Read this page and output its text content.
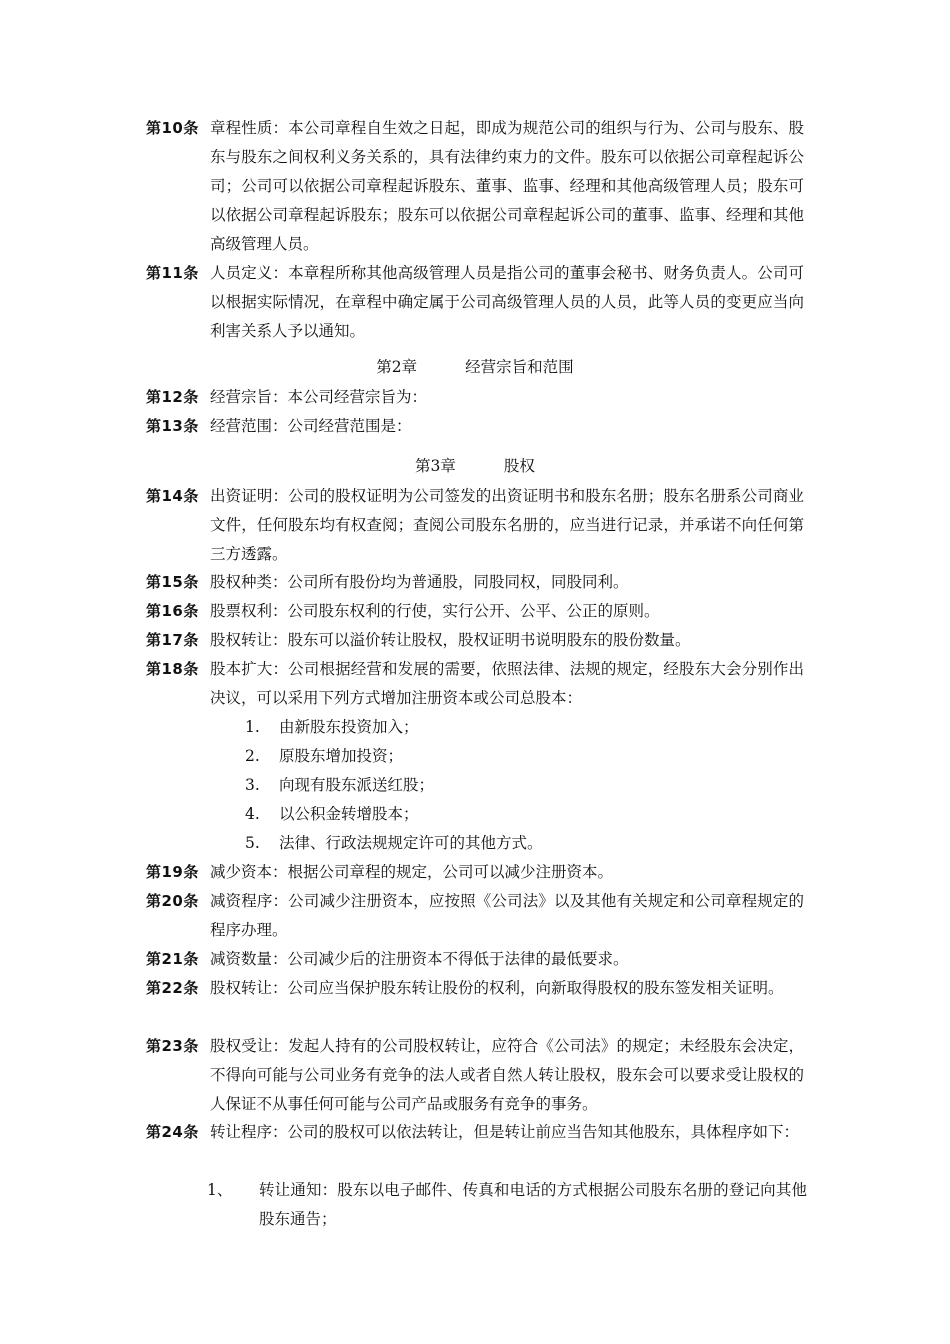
第10条 章程性质：本公司章程自生效之日起，即成为规范公司的组织与行为、公司与股东、股东与股东之间权利义务关系的，具有法律约束力的文件。股东可以依据公司章程起诉公司；公司可以依据公司章程起诉股东、董事、监事、经理和其他高级管理人员；股东可以依据公司章程起诉股东；股东可以依据公司章程起诉公司的董事、监事、经理和其他高级管理人员。
第11条 人员定义：本章程所称其他高级管理人员是指公司的董事会秘书、财务负责人。公司可以根据实际情况，在章程中确定属于公司高级管理人员的人员，此等人员的变更应当向利害关系人予以通知。
第2章	经营宗旨和范围
第12条 经营宗旨：本公司经营宗旨为：
第13条 经营范围：公司经营范围是：
第3章	股权
第14条 出资证明：公司的股权证明为公司签发的出资证明书和股东名册；股东名册系公司商业文件，任何股东均有权查阅；查阅公司股东名册的，应当进行记录，并承诺不向任何第三方透露。
第15条 股权种类：公司所有股份均为普通股，同股同权，同股同利。
第16条 股票权利：公司股东权利的行使，实行公开、公平、公正的原则。
第17条 股权转让：股东可以溢价转让股权，股权证明书说明股东的股份数量。
第18条 股本扩大：公司根据经营和发展的需要，依照法律、法规的规定，经股东大会分别作出决议，可以采用下列方式增加注册资本或公司总股本：
1. 由新股东投资加入；
2. 原股东增加投资；
3. 向现有股东派送红股；
4. 以公积金转增股本；
5. 法律、行政法规规定许可的其他方式。
第19条 减少资本：根据公司章程的规定，公司可以减少注册资本。
第20条 减资程序：公司减少注册资本，应按照《公司法》以及其他有关规定和公司章程规定的程序办理。
第21条 减资数量：公司减少后的注册资本不得低于法律的最低要求。
第22条 股权转让：公司应当保护股东转让股份的权利，向新取得股权的股东签发相关证明。
第23条 股权受让：发起人持有的公司股权转让，应符合《公司法》的规定；未经股东会决定，不得向可能与公司业务有竞争的法人或者自然人转让股权，股东会可以要求受让股权的人保证不从事任何可能与公司产品或服务有竞争的事务。
第24条 转让程序：公司的股权可以依法转让，但是转让前应当告知其他股东，具体程序如下：
1、 转让通知：股东以电子邮件、传真和电话的方式根据公司股东名册的登记向其他股东通告；
